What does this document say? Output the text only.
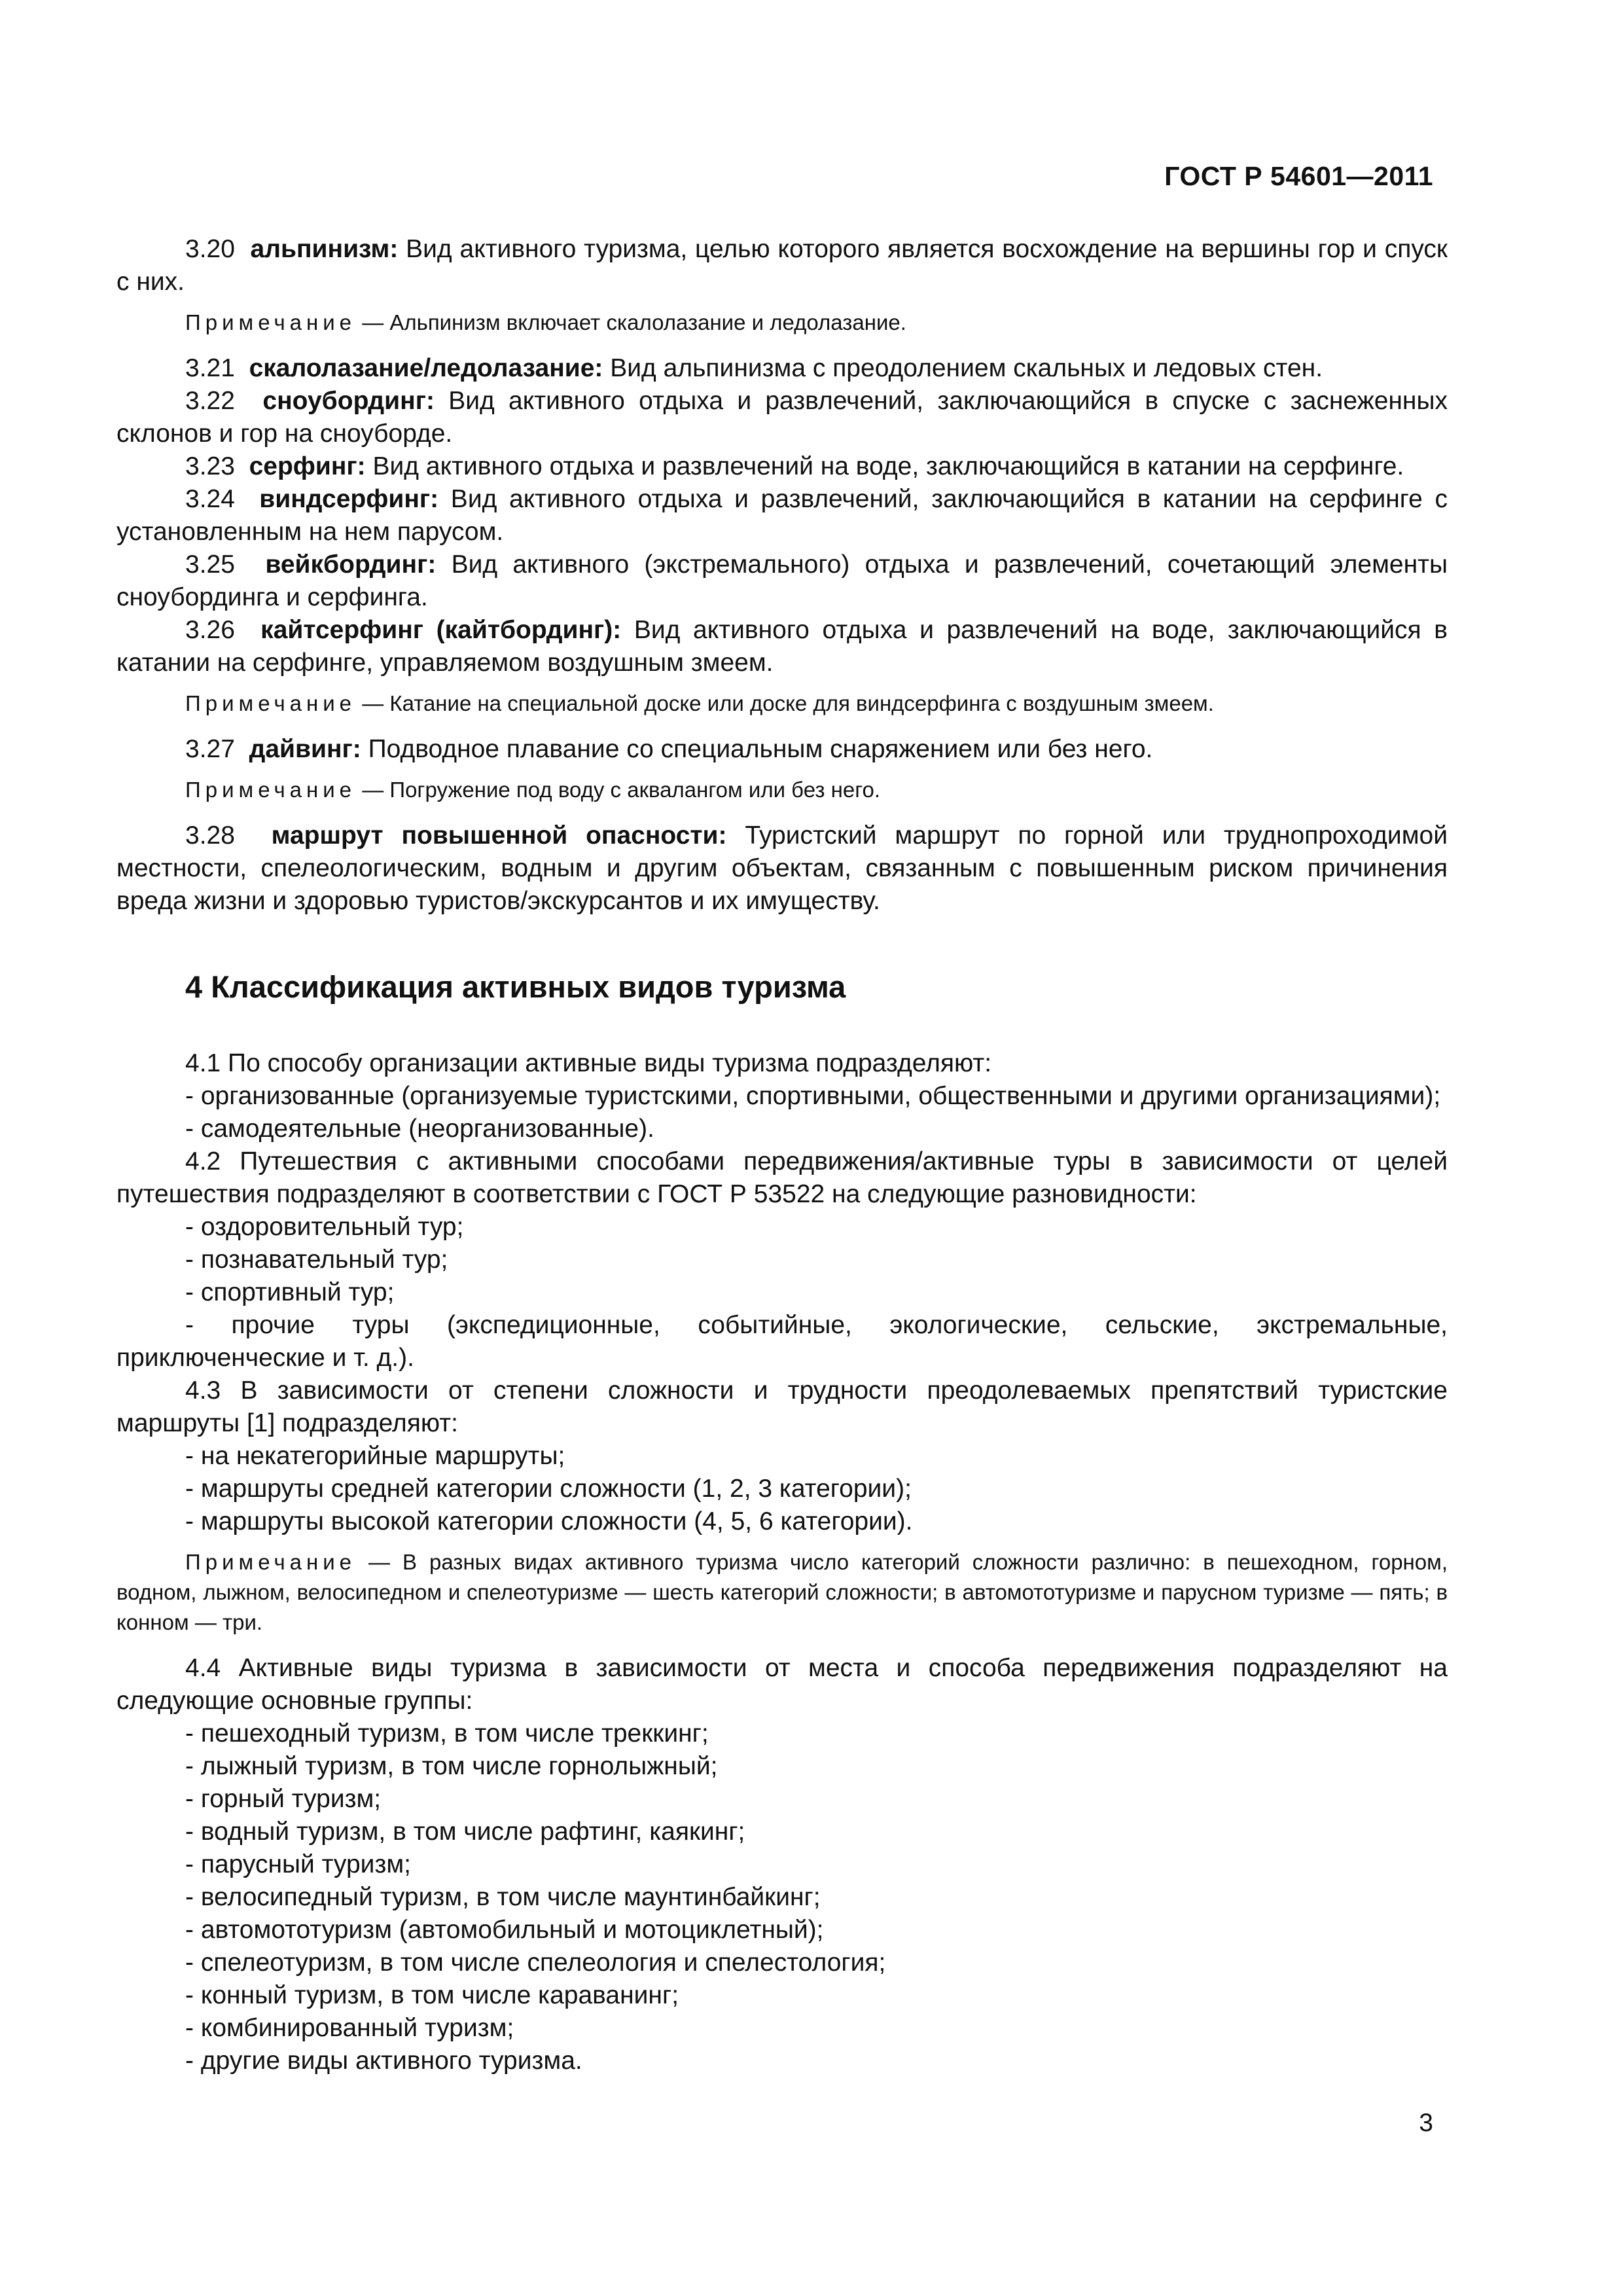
ГОСТ Р 54601—2011

3.20 альпинизм: Вид активного туризма, целью которого является восхождение на вершины гор и спуск с них.

Примечание — Альпинизм включает скалолазание и ледолазание.

3.21 скалолазание/ледолазание: Вид альпинизма с преодолением скальных и ледовых стен.

3.22 сноубординг: Вид активного отдыха и развлечений, заключающийся в спуске с заснеженных склонов и гор на сноуборде.

3.23 серфинг: Вид активного отдыха и развлечений на воде, заключающийся в катании на серфинге.

3.24 виндсерфинг: Вид активного отдыха и развлечений, заключающийся в катании на серфинге с установленным на нем парусом.

3.25 вейкбординг: Вид активного (экстремального) отдыха и развлечений, сочетающий элементы сноубординга и серфинга.

3.26 кайтсерфинг (кайтбординг): Вид активного отдыха и развлечений на воде, заключающийся в катании на серфинге, управляемом воздушным змеем.

Примечание — Катание на специальной доске или доске для виндсерфинга с воздушным змеем.

3.27 дайвинг: Подводное плавание со специальным снаряжением или без него.

Примечание — Погружение под воду с аквалангом или без него.

3.28 маршрут повышенной опасности: Туристский маршрут по горной или труднопроходимой местности, спелеологическим, водным и другим объектам, связанным с повышенным риском причинения вреда жизни и здоровью туристов/экскурсантов и их имуществу.

4 Классификация активных видов туризма

4.1 По способу организации активные виды туризма подразделяют:

- организованные (организуемые туристскими, спортивными, общественными и другими организациями);

- самодеятельные (неорганизованные).

4.2 Путешествия с активными способами передвижения/активные туры в зависимости от целей путешествия подразделяют в соответствии с ГОСТ Р 53522 на следующие разновидности:

- оздоровительный тур;

- познавательный тур;

- спортивный тур;

- прочие туры (экспедиционные, событийные, экологические, сельские, экстремальные, приключенческие и т. д.).

4.3 В зависимости от степени сложности и трудности преодолеваемых препятствий туристские маршруты [1] подразделяют:

- на некатегорийные маршруты;

- маршруты средней категории сложности (1, 2, 3 категории);

- маршруты высокой категории сложности (4, 5, 6 категории).

Примечание — В разных видах активного туризма число категорий сложности различно: в пешеходном, горном, водном, лыжном, велосипедном и спелеотуризме — шесть категорий сложности; в автомототуризме и парусном туризме — пять; в конном — три.

4.4 Активные виды туризма в зависимости от места и способа передвижения подразделяют на следующие основные группы:

- пешеходный туризм, в том числе треккинг;

- лыжный туризм, в том числе горнолыжный;

- горный туризм;

- водный туризм, в том числе рафтинг, каякинг;

- парусный туризм;

- велосипедный туризм, в том числе маунтинбайкинг;

- автомототуризм (автомобильный и мотоциклетный);

- спелеотуризм, в том числе спелеология и спелестология;

- конный туризм, в том числе караванинг;

- комбинированный туризм;

- другие виды активного туризма.

3
